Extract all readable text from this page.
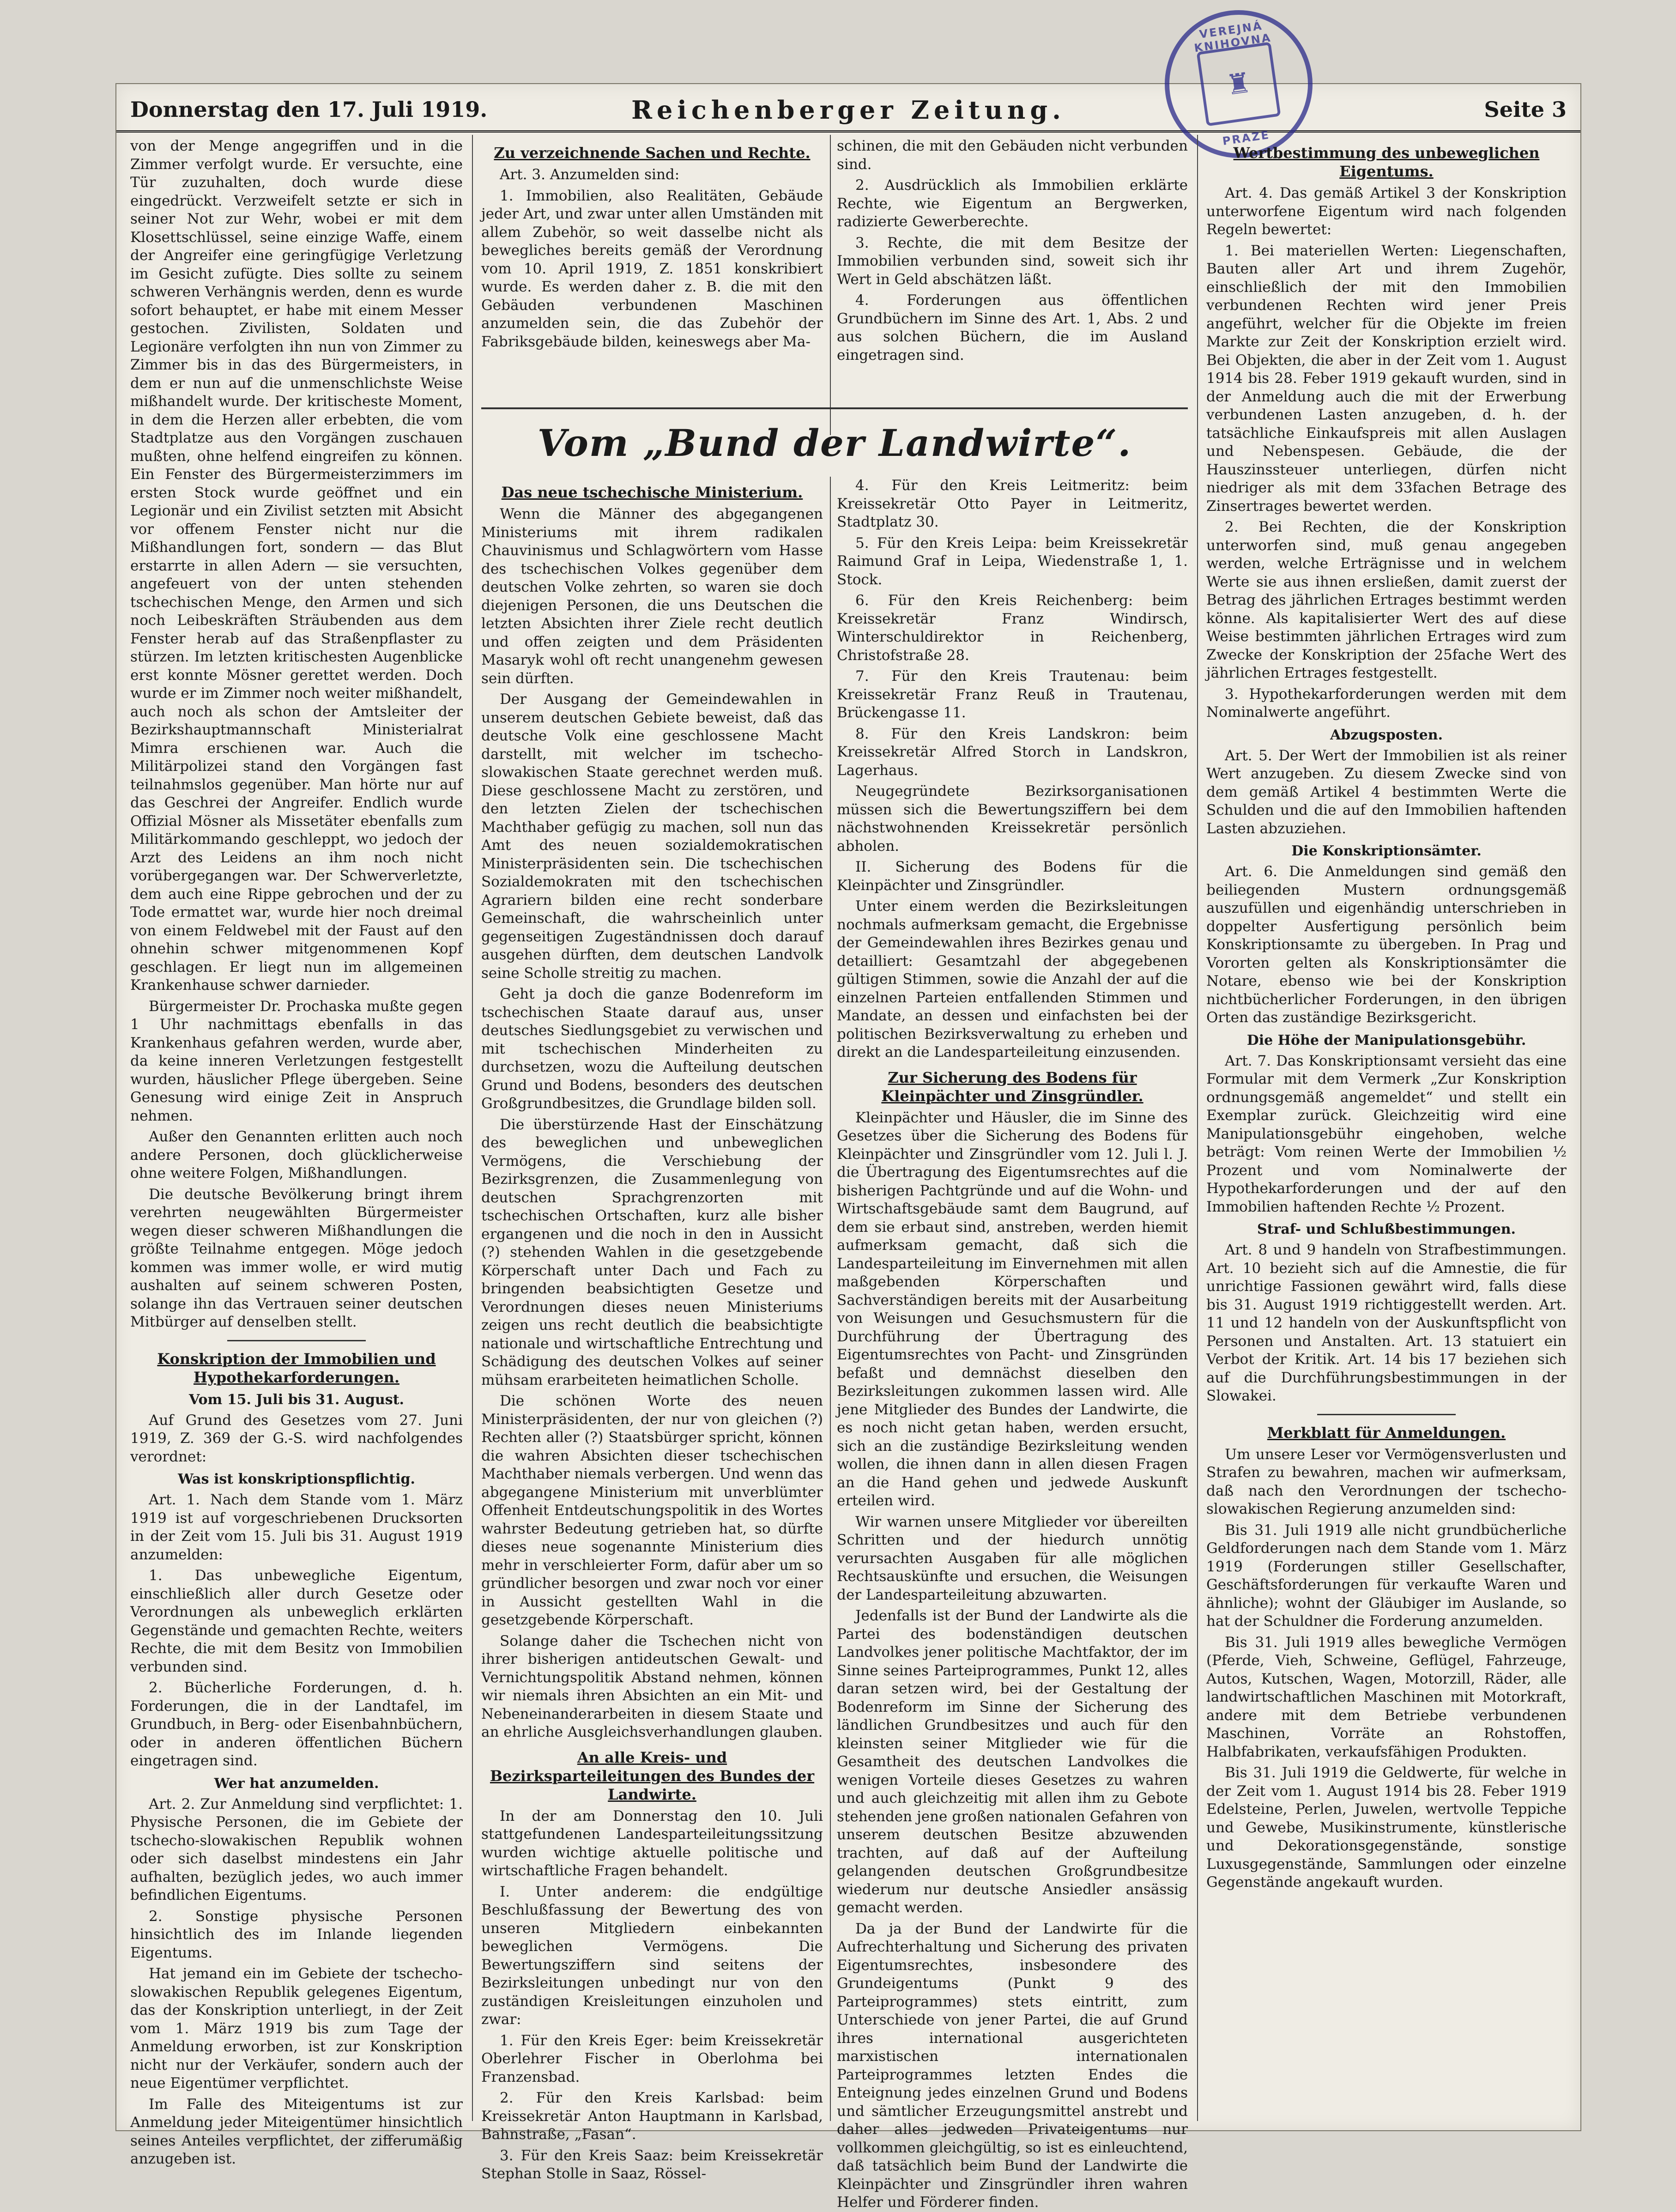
Donnerstag den 17. Juli 1919.	Reichenberger Zeitung.	Seite 3
VEREJNÁ KNIHOVNA
♜
PRAZE

von der Menge angegriffen und in die Zimmer verfolgt wurde. Er versuchte, eine Tür zuzuhalten, doch wurde diese eingedrückt. Verzweifelt setzte er sich in seiner Not zur Wehr, wobei er mit dem Klosettschlüssel, seine einzige Waffe, einem der Angreifer eine geringfügige Verletzung im Gesicht zufügte. Dies sollte zu seinem schweren Verhängnis werden, denn es wurde sofort behauptet, er habe mit einem Messer gestochen. Zivilisten, Soldaten und Legionäre verfolgten ihn nun von Zimmer zu Zimmer bis in das des Bürgermeisters, in dem er nun auf die unmenschlichste Weise mißhandelt wurde. Der kritischeste Moment, in dem die Herzen aller erbebten, die vom Stadtplatze aus den Vorgängen zuschauen mußten, ohne helfend eingreifen zu können. Ein Fenster des Bürgermeisterzimmers im ersten Stock wurde geöffnet und ein Legionär und ein Zivilist setzten mit Absicht vor offenem Fenster nicht nur die Mißhandlungen fort, sondern — das Blut erstarrte in allen Adern — sie versuchten, angefeuert von der unten stehenden tschechischen Menge, den Armen und sich noch Leibeskräften Sträubenden aus dem Fenster herab auf das Straßenpflaster zu stürzen. Im letzten kritischesten Augenblicke erst konnte Mösner gerettet werden. Doch wurde er im Zimmer noch weiter mißhandelt, auch noch als schon der Amtsleiter der Bezirkshauptmannschaft Ministerialrat Mimra erschienen war. Auch die Militärpolizei stand den Vorgängen fast teilnahmslos gegenüber. Man hörte nur auf das Geschrei der Angreifer. Endlich wurde Offizial Mösner als Missetäter ebenfalls zum Militärkommando geschleppt, wo jedoch der Arzt des Leidens an ihm noch nicht vorübergegangen war. Der Schwerverletzte, dem auch eine Rippe gebrochen und der zu Tode ermattet war, wurde hier noch dreimal von einem Feldwebel mit der Faust auf den ohnehin schwer mitgenommenen Kopf geschlagen. Er liegt nun im allgemeinen Krankenhause schwer darnieder.

Bürgermeister Dr. Prochaska mußte gegen 1 Uhr nachmittags ebenfalls in das Krankenhaus gefahren werden, wurde aber, da keine inneren Verletzungen festgestellt wurden, häuslicher Pflege übergeben. Seine Genesung wird einige Zeit in Anspruch nehmen.

Außer den Genannten erlitten auch noch andere Personen, doch glücklicherweise ohne weitere Folgen, Mißhandlungen.

Die deutsche Bevölkerung bringt ihrem verehrten neugewählten Bürgermeister wegen dieser schweren Mißhandlungen die größte Teilnahme entgegen. Möge jedoch kommen was immer wolle, er wird mutig aushalten auf seinem schweren Posten, solange ihn das Vertrauen seiner deutschen Mitbürger auf denselben stellt.

Konskription der Immobilien und Hypothekarforderungen.
Vom 15. Juli bis 31. August.

Auf Grund des Gesetzes vom 27. Juni 1919, Z. 369 der G.-S. wird nachfolgendes verordnet:

Was ist konskriptionspflichtig.

Art. 1. Nach dem Stande vom 1. März 1919 ist auf vorgeschriebenen Drucksorten in der Zeit vom 15. Juli bis 31. August 1919 anzumelden:

1. Das unbewegliche Eigentum, einschließlich aller durch Gesetze oder Verordnungen als unbeweglich erklärten Gegenstände und gemachten Rechte, weiters Rechte, die mit dem Besitz von Immobilien verbunden sind.

2. Bücherliche Forderungen, d. h. Forderungen, die in der Landtafel, im Grundbuch, in Berg- oder Eisenbahnbüchern, oder in anderen öffentlichen Büchern eingetragen sind.

Wer hat anzumelden.

Art. 2. Zur Anmeldung sind verpflichtet: 1. Physische Personen, die im Gebiete der tschecho-slowakischen Republik wohnen oder sich daselbst mindestens ein Jahr aufhalten, bezüglich jedes, wo auch immer befindlichen Eigentums.

2. Sonstige physische Personen hinsichtlich des im Inlande liegenden Eigentums.

Hat jemand ein im Gebiete der tschecho-slowakischen Republik gelegenes Eigentum, das der Konskription unterliegt, in der Zeit vom 1. März 1919 bis zum Tage der Anmeldung erworben, ist zur Konskription nicht nur der Verkäufer, sondern auch der neue Eigentümer verpflichtet.

Im Falle des Miteigentums ist zur Anmeldung jeder Miteigentümer hinsichtlich seines Anteiles verpflichtet, der zifferumäßig anzugeben ist.

Zu verzeichnende Sachen und Rechte.

Art. 3. Anzumelden sind:

1. Immobilien, also Realitäten, Gebäude jeder Art, und zwar unter allen Umständen mit allem Zubehör, so weit dasselbe nicht als bewegliches bereits gemäß der Verordnung vom 10. April 1919, Z. 1851 konskribiert wurde. Es werden daher z. B. die mit den Gebäuden verbundenen Maschinen anzumelden sein, die das Zubehör der Fabriksgebäude bilden, keineswegs aber Ma-

schinen, die mit den Gebäuden nicht verbunden sind.

2. Ausdrücklich als Immobilien erklärte Rechte, wie Eigentum an Bergwerken, radizierte Gewerberechte.

3. Rechte, die mit dem Besitze der Immobilien verbunden sind, soweit sich ihr Wert in Geld abschätzen läßt.

4. Forderungen aus öffentlichen Grundbüchern im Sinne des Art. 1, Abs. 2 und aus solchen Büchern, die im Ausland eingetragen sind.

Vom „Bund der Landwirte“.
Das neue tschechische Ministerium.

Wenn die Männer des abgegangenen Ministeriums mit ihrem radikalen Chauvinismus und Schlagwörtern vom Hasse des tschechischen Volkes gegenüber dem deutschen Volke zehrten, so waren sie doch diejenigen Personen, die uns Deutschen die letzten Absichten ihrer Ziele recht deutlich und offen zeigten und dem Präsidenten Masaryk wohl oft recht unangenehm gewesen sein dürften.

Der Ausgang der Gemeindewahlen in unserem deutschen Gebiete beweist, daß das deutsche Volk eine geschlossene Macht darstellt, mit welcher im tschecho-slowakischen Staate gerechnet werden muß. Diese geschlossene Macht zu zerstören, und den letzten Zielen der tschechischen Machthaber gefügig zu machen, soll nun das Amt des neuen sozialdemokratischen Ministerpräsidenten sein. Die tschechischen Sozialdemokraten mit den tschechischen Agrariern bilden eine recht sonderbare Gemeinschaft, die wahrscheinlich unter gegenseitigen Zugeständnissen doch darauf ausgehen dürften, dem deutschen Landvolk seine Scholle streitig zu machen.

Geht ja doch die ganze Bodenreform im tschechischen Staate darauf aus, unser deutsches Siedlungsgebiet zu verwischen und mit tschechischen Minderheiten zu durchsetzen, wozu die Aufteilung deutschen Grund und Bodens, besonders des deutschen Großgrundbesitzes, die Grundlage bilden soll.

Die überstürzende Hast der Einschätzung des beweglichen und unbeweglichen Vermögens, die Verschiebung der Bezirksgrenzen, die Zusammenlegung von deutschen Sprachgrenzorten mit tschechischen Ortschaften, kurz alle bisher ergangenen und die noch in den in Aussicht (?) stehenden Wahlen in die gesetzgebende Körperschaft unter Dach und Fach zu bringenden beabsichtigten Gesetze und Verordnungen dieses neuen Ministeriums zeigen uns recht deutlich die beabsichtigte nationale und wirtschaftliche Entrechtung und Schädigung des deutschen Volkes auf seiner mühsam erarbeiteten heimatlichen Scholle.

Die schönen Worte des neuen Ministerpräsidenten, der nur von gleichen (?) Rechten aller (?) Staatsbürger spricht, können die wahren Absichten dieser tschechischen Machthaber niemals verbergen. Und wenn das abgegangene Ministerium mit unverblümter Offenheit Entdeutschungspolitik in des Wortes wahrster Bedeutung getrieben hat, so dürfte dieses neue sogenannte Ministerium dies mehr in verschleierter Form, dafür aber um so gründlicher besorgen und zwar noch vor einer in Aussicht gestellten Wahl in die gesetzgebende Körperschaft.

Solange daher die Tschechen nicht von ihrer bisherigen antideutschen Gewalt- und Vernichtungspolitik Abstand nehmen, können wir niemals ihren Absichten an ein Mit- und Nebeneinanderarbeiten in diesem Staate und an ehrliche Ausgleichsverhandlungen glauben.

An alle Kreis- und Bezirksparteileitungen des Bundes der Landwirte.

In der am Donnerstag den 10. Juli stattgefundenen Landesparteileitungssitzung wurden wichtige aktuelle politische und wirtschaftliche Fragen behandelt.

I. Unter anderem: die endgültige Beschlußfassung der Bewertung des von unseren Mitgliedern einbekannten beweglichen Vermögens. Die Bewertungsziffern sind seitens der Bezirksleitungen unbedingt nur von den zuständigen Kreisleitungen einzuholen und zwar:

1. Für den Kreis Eger: beim Kreissekretär Oberlehrer Fischer in Oberlohma bei Franzensbad.

2. Für den Kreis Karlsbad: beim Kreissekretär Anton Hauptmann in Karlsbad, Bahnstraße, „Fasan“.

3. Für den Kreis Saaz: beim Kreissekretär Stephan Stolle in Saaz, Rössel-

4. Für den Kreis Leitmeritz: beim Kreissekretär Otto Payer in Leitmeritz, Stadtplatz 30.

5. Für den Kreis Leipa: beim Kreissekretär Raimund Graf in Leipa, Wiedenstraße 1, 1. Stock.

6. Für den Kreis Reichenberg: beim Kreissekretär Franz Windirsch, Winterschuldirektor in Reichenberg, Christofstraße 28.

7. Für den Kreis Trautenau: beim Kreissekretär Franz Reuß in Trautenau, Brückengasse 11.

8. Für den Kreis Landskron: beim Kreissekretär Alfred Storch in Landskron, Lagerhaus.

Neugegründete Bezirksorganisationen müssen sich die Bewertungsziffern bei dem nächstwohnenden Kreissekretär persönlich abholen.

II. Sicherung des Bodens für die Kleinpächter und Zinsgründler.

Unter einem werden die Bezirksleitungen nochmals aufmerksam gemacht, die Ergebnisse der Gemeindewahlen ihres Bezirkes genau und detailliert: Gesamtzahl der abgegebenen gültigen Stimmen, sowie die Anzahl der auf die einzelnen Parteien entfallenden Stimmen und Mandate, an dessen und einfachsten bei der politischen Bezirksverwaltung zu erheben und direkt an die Landesparteileitung einzusenden.

Zur Sicherung des Bodens für Kleinpächter und Zinsgründler.

Kleinpächter und Häusler, die im Sinne des Gesetzes über die Sicherung des Bodens für Kleinpächter und Zinsgründler vom 12. Juli l. J. die Übertragung des Eigentumsrechtes auf die bisherigen Pachtgründe und auf die Wohn- und Wirtschaftsgebäude samt dem Baugrund, auf dem sie erbaut sind, anstreben, werden hiemit aufmerksam gemacht, daß sich die Landesparteileitung im Einvernehmen mit allen maßgebenden Körperschaften und Sachverständigen bereits mit der Ausarbeitung von Weisungen und Gesuchsmustern für die Durchführung der Übertragung des Eigentumsrechtes von Pacht- und Zinsgründen befaßt und demnächst dieselben den Bezirksleitungen zukommen lassen wird. Alle jene Mitglieder des Bundes der Landwirte, die es noch nicht getan haben, werden ersucht, sich an die zuständige Bezirksleitung wenden wollen, die ihnen dann in allen diesen Fragen an die Hand gehen und jedwede Auskunft erteilen wird.

Wir warnen unsere Mitglieder vor übereilten Schritten und der hiedurch unnötig verursachten Ausgaben für alle möglichen Rechtsauskünfte und ersuchen, die Weisungen der Landesparteileitung abzuwarten.

Jedenfalls ist der Bund der Landwirte als die Partei des bodenständigen deutschen Landvolkes jener politische Machtfaktor, der im Sinne seines Parteiprogrammes, Punkt 12, alles daran setzen wird, bei der Gestaltung der Bodenreform im Sinne der Sicherung des ländlichen Grundbesitzes und auch für den kleinsten seiner Mitglieder wie für die Gesamtheit des deutschen Landvolkes die wenigen Vorteile dieses Gesetzes zu wahren und auch gleichzeitig mit allen ihm zu Gebote stehenden jene großen nationalen Gefahren von unserem deutschen Besitze abzuwenden trachten, auf daß auf der Aufteilung gelangenden deutschen Großgrundbesitze wiederum nur deutsche Ansiedler ansässig gemacht werden.

Da ja der Bund der Landwirte für die Aufrechterhaltung und Sicherung des privaten Eigentumsrechtes, insbesondere des Grundeigentums (Punkt 9 des Parteiprogrammes) stets eintritt, zum Unterschiede von jener Partei, die auf Grund ihres international ausgerichteten marxistischen internationalen Parteiprogrammes letzten Endes die Enteignung jedes einzelnen Grund und Bodens und sämtlicher Erzeugungsmittel anstrebt und daher alles jedweden Privateigentums nur vollkommen gleichgültig, so ist es einleuchtend, daß tatsächlich beim Bund der Landwirte die Kleinpächter und Zinsgründler ihren wahren Helfer und Förderer finden.

Wertbestimmung des unbeweglichen Eigentums.

Art. 4. Das gemäß Artikel 3 der Konskription unterworfene Eigentum wird nach folgenden Regeln bewertet:

1. Bei materiellen Werten: Liegenschaften, Bauten aller Art und ihrem Zugehör, einschließlich der mit den Immobilien verbundenen Rechten wird jener Preis angeführt, welcher für die Objekte im freien Markte zur Zeit der Konskription erzielt wird. Bei Objekten, die aber in der Zeit vom 1. August 1914 bis 28. Feber 1919 gekauft wurden, sind in der Anmeldung auch die mit der Erwerbung verbundenen Lasten anzugeben, d. h. der tatsächliche Einkaufspreis mit allen Auslagen und Nebenspesen. Gebäude, die der Hauszinssteuer unterliegen, dürfen nicht niedriger als mit dem 33fachen Betrage des Zinsertrages bewertet werden.

2. Bei Rechten, die der Konskription unterworfen sind, muß genau angegeben werden, welche Erträgnisse und in welchem Werte sie aus ihnen ersließen, damit zuerst der Betrag des jährlichen Ertrages bestimmt werden könne. Als kapitalisierter Wert des auf diese Weise bestimmten jährlichen Ertrages wird zum Zwecke der Konskription der 25fache Wert des jährlichen Ertrages festgestellt.

3. Hypothekarforderungen werden mit dem Nominalwerte angeführt.

Abzugsposten.

Art. 5. Der Wert der Immobilien ist als reiner Wert anzugeben. Zu diesem Zwecke sind von dem gemäß Artikel 4 bestimmten Werte die Schulden und die auf den Immobilien haftenden Lasten abzuziehen.

Die Konskriptionsämter.

Art. 6. Die Anmeldungen sind gemäß den beiliegenden Mustern ordnungsgemäß auszufüllen und eigenhändig unterschrieben in doppelter Ausfertigung persönlich beim Konskriptionsamte zu übergeben. In Prag und Vororten gelten als Konskriptionsämter die Notare, ebenso wie bei der Konskription nichtbücherlicher Forderungen, in den übrigen Orten das zuständige Bezirksgericht.

Die Höhe der Manipulationsgebühr.

Art. 7. Das Konskriptionsamt versieht das eine Formular mit dem Vermerk „Zur Konskription ordnungsgemäß angemeldet“ und stellt ein Exemplar zurück. Gleichzeitig wird eine Manipulationsgebühr eingehoben, welche beträgt: Vom reinen Werte der Immobilien ½ Prozent und vom Nominalwerte der Hypothekarforderungen und der auf den Immobilien haftenden Rechte ½ Prozent.

Straf- und Schlußbestimmungen.

Art. 8 und 9 handeln von Strafbestimmungen. Art. 10 bezieht sich auf die Amnestie, die für unrichtige Fassionen gewährt wird, falls diese bis 31. August 1919 richtiggestellt werden. Art. 11 und 12 handeln von der Auskunftspflicht von Personen und Anstalten. Art. 13 statuiert ein Verbot der Kritik. Art. 14 bis 17 beziehen sich auf die Durchführungsbestimmungen in der Slowakei.

Merkblatt für Anmeldungen.

Um unsere Leser vor Vermögensverlusten und Strafen zu bewahren, machen wir aufmerksam, daß nach den Verordnungen der tschecho-slowakischen Regierung anzumelden sind:

Bis 31. Juli 1919 alle nicht grundbücherliche Geldforderungen nach dem Stande vom 1. März 1919 (Forderungen stiller Gesellschafter, Geschäftsforderungen für verkaufte Waren und ähnliche); wohnt der Gläubiger im Auslande, so hat der Schuldner die Forderung anzumelden.

Bis 31. Juli 1919 alles bewegliche Vermögen (Pferde, Vieh, Schweine, Geflügel, Fahrzeuge, Autos, Kutschen, Wagen, Motorzill, Räder, alle landwirtschaftlichen Maschinen mit Motorkraft, andere mit dem Betriebe verbundenen Maschinen, Vorräte an Rohstoffen, Halbfabrikaten, verkaufsfähigen Produkten.

Bis 31. Juli 1919 die Geldwerte, für welche in der Zeit vom 1. August 1914 bis 28. Feber 1919 Edelsteine, Perlen, Juwelen, wertvolle Teppiche und Gewebe, Musikinstrumente, künstlerische und Dekorationsgegenstände, sonstige Luxusgegenstände, Sammlungen oder einzelne Gegenstände angekauft wurden.
